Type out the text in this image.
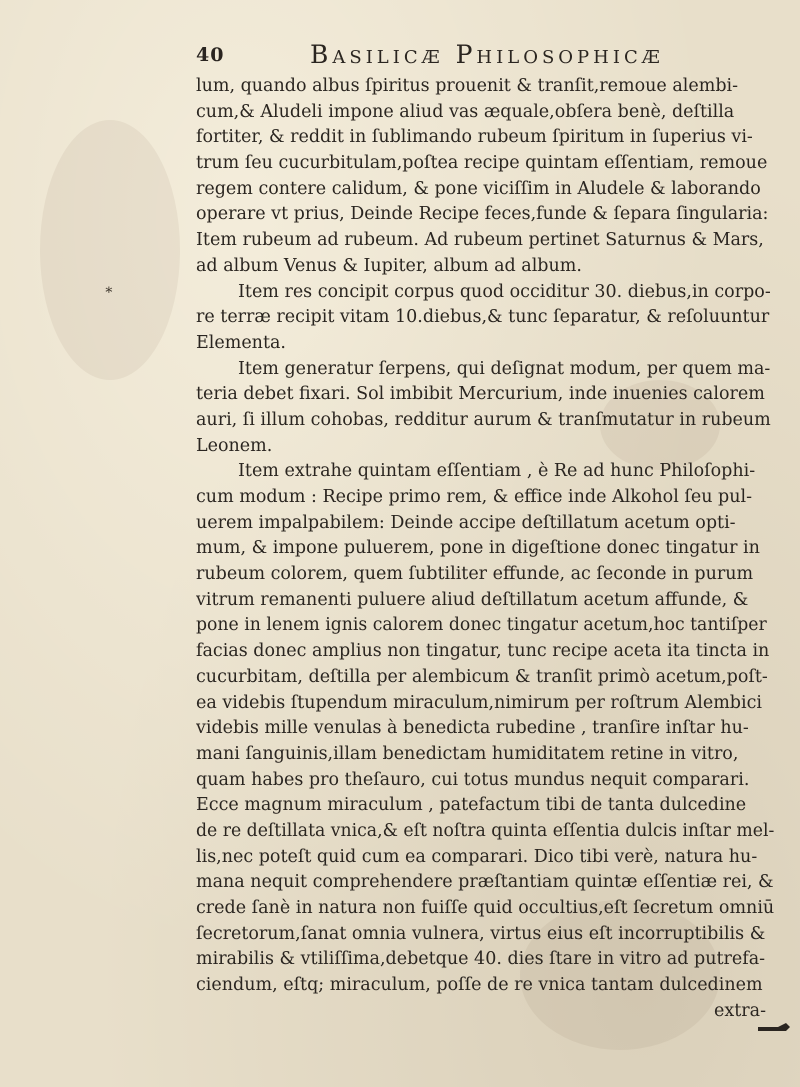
40	Basilicæ Philosophicæ
∗
lum, quando albus ſpiritus prouenit & tranſit,remoue alembi-
cum,& Aludeli impone aliud vas æquale,obſera benè, deſtilla
fortiter, & reddit in ſublimando rubeum ſpiritum in ſuperius vi-
trum ſeu cucurbitulam,poſtea recipe quintam eſſentiam, remoue
regem contere calidum, & pone viciſſim in Aludele & laborando
operare vt prius, Deinde Recipe feces,funde & ſepara ſingularia:
Item rubeum ad rubeum. Ad rubeum pertinet Saturnus & Mars,
ad album Venus & Iupiter, album ad album.
Item res concipit corpus quod occiditur 30. diebus,in corpo-
re terræ recipit vitam 10.diebus,& tunc ſeparatur, & reſoluuntur
Elementa.
Item generatur ſerpens, qui deſignat modum, per quem ma-
teria debet fixari. Sol imbibit Mercurium, inde inuenies calorem
auri, ſi illum cohobas, redditur aurum & tranſmutatur in rubeum
Leonem.
Item extrahe quintam eſſentiam , è Re ad hunc Philoſophi-
cum modum : Recipe primo rem, & effice inde Alkohol ſeu pul-
uerem impalpabilem: Deinde accipe deſtillatum acetum opti-
mum, & impone puluerem, pone in digeſtione donec tingatur in
rubeum colorem, quem ſubtiliter effunde, ac ſeconde in purum
vitrum remanenti puluere aliud deſtillatum acetum affunde, &
pone in lenem ignis calorem donec tingatur acetum,hoc tantiſper
facias donec amplius non tingatur, tunc recipe aceta ita tincta in
cucurbitam, deſtilla per alembicum & tranſit primò acetum,poſt-
ea videbis ſtupendum miraculum,nimirum per roſtrum Alembici
videbis mille venulas à benedicta rubedine , tranſire inſtar hu-
mani ſanguinis,illam benedictam humiditatem retine in vitro,
quam habes pro theſauro, cui totus mundus nequit comparari.
Ecce magnum miraculum , patefactum tibi de tanta dulcedine
de re deſtillata vnica,& eſt noſtra quinta eſſentia dulcis inſtar mel-
lis,nec poteſt quid cum ea comparari. Dico tibi verè, natura hu-
mana nequit comprehendere præſtantiam quintæ eſſentiæ rei, &
crede ſanè in natura non fuiſſe quid occultius,eſt ſecretum omniū
ſecretorum,ſanat omnia vulnera, virtus eius eſt incorruptibilis &
mirabilis & vtiliſſima,debetque 40. dies ſtare in vitro ad putrefa-
ciendum, eſtq; miraculum, poſſe de re vnica tantam dulcedinem
extra-
